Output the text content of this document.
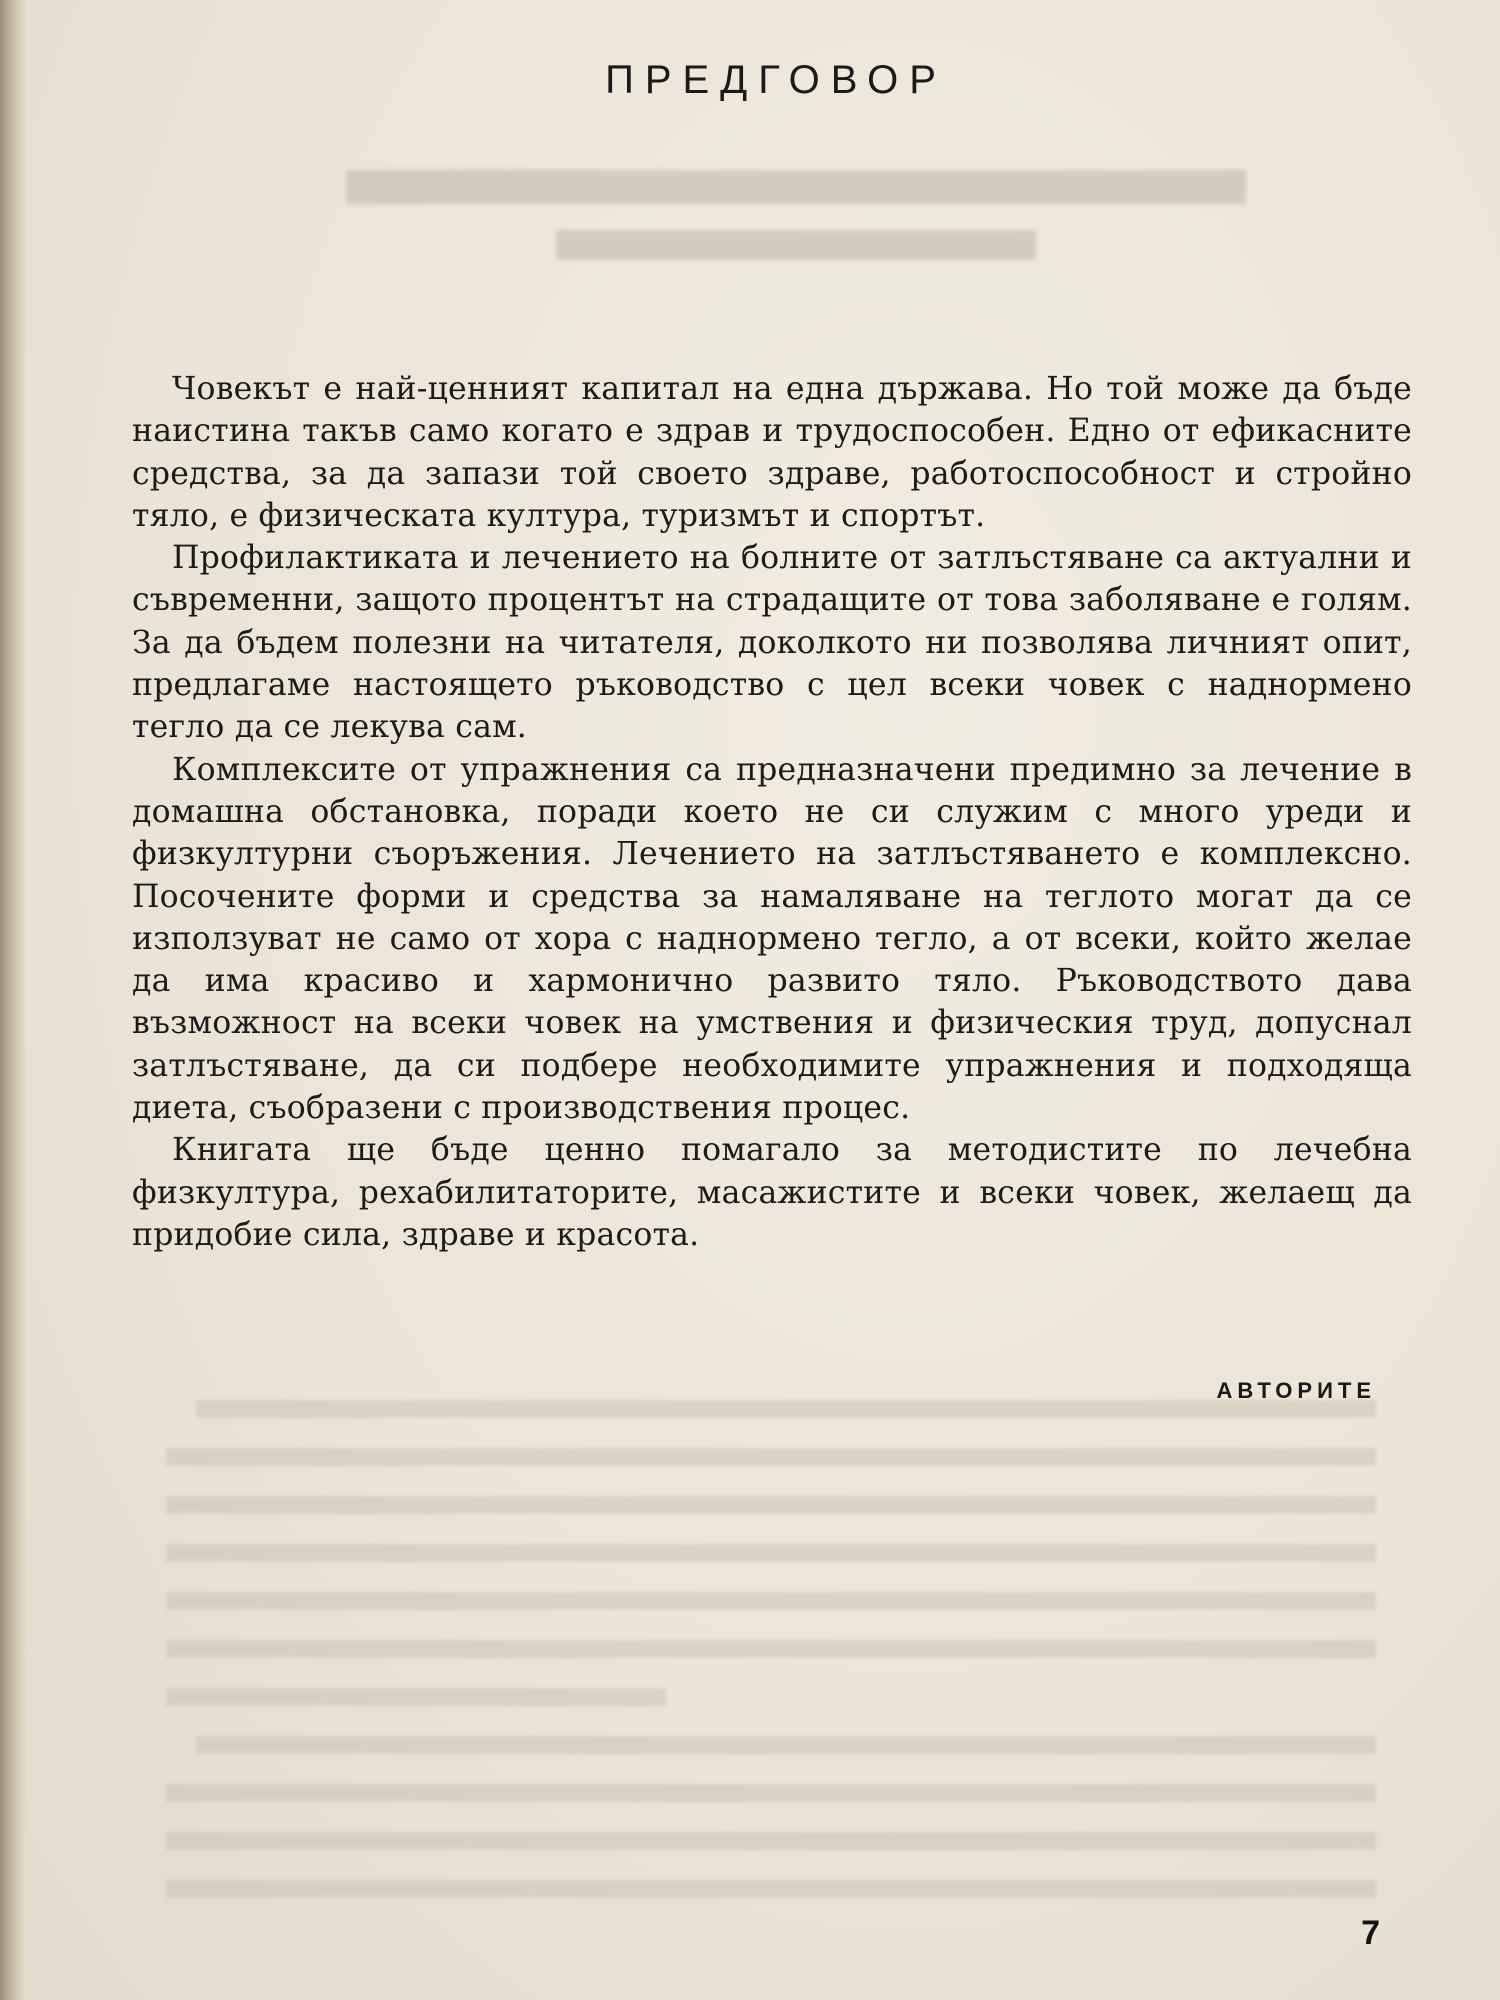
ПРЕДГОВОР

Човекът е най-ценният капитал на една държава. Но той може да бъде наистина такъв само когато е здрав и трудоспособен. Едно от ефикасните средства, за да запази той своето здраве, работоспособност и стройно тяло, е физическата култура, туризмът и спортът.

Профилактиката и лечението на болните от затлъстяване са актуални и съвременни, защото процентът на страдащите от това заболяване е голям. За да бъдем полезни на читателя, доколкото ни позволява личният опит, предлагаме настоящето ръководство с цел всеки човек с наднормено тегло да се лекува сам.

Комплексите от упражнения са предназначени предимно за лечение в домашна обстановка, поради което не си служим с много уреди и физкултурни съоръжения. Лечението на затлъстяването е комплексно. Посочените форми и средства за намаляване на теглото могат да се използуват не само от хора с наднормено тегло, а от всеки, който желае да има красиво и хармонично развито тяло. Ръководството дава възможност на всеки човек на умствения и физическия труд, допуснал затлъстяване, да си подбере необходимите упражнения и подходяща диета, съобразени с производствения процес.

Книгата ще бъде ценно помагало за методистите по лечебна физкултура, рехабилитаторите, масажистите и всеки човек, желаещ да придобие сила, здраве и красота.

АВТОРИТЕ
7
